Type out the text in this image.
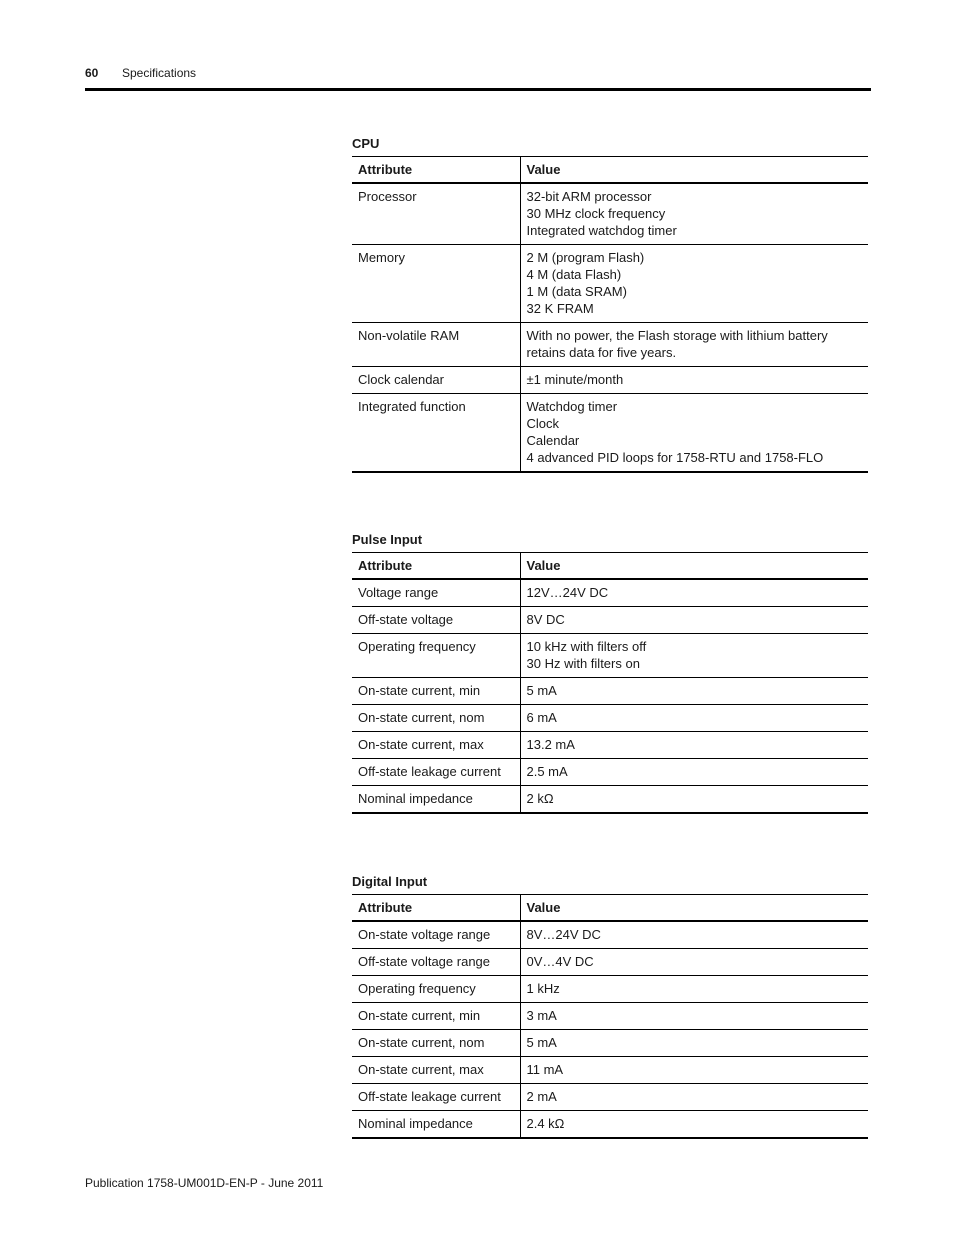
60 Specifications
CPU
Attribute	Value
Processor	32-bit ARM processor
30 MHz clock frequency
Integrated watchdog timer

Memory	2 M (program Flash)
4 M (data Flash)
1 M (data SRAM)
32 K FRAM

Non-volatile RAM	With no power, the Flash storage with lithium battery
retains data for five years.

Clock calendar	±1 minute/month

Integrated function	Watchdog timer
Clock
Calendar
4 advanced PID loops for 1758-RTU and 1758-FLO
Pulse Input
Attribute	Value
Voltage range	12V…24V DC

Off-state voltage	8V DC

Operating frequency	10 kHz with filters off
30 Hz with filters on

On-state current, min	5 mA

On-state current, nom	6 mA

On-state current, max	13.2 mA

Off-state leakage current	2.5 mA

Nominal impedance	2 kΩ
Digital Input
Attribute	Value
On-state voltage range	8V…24V DC

Off-state voltage range	0V…4V DC

Operating frequency	1 kHz

On-state current, min	3 mA

On-state current, nom	5 mA

On-state current, max	11 mA

Off-state leakage current	2 mA

Nominal impedance	2.4 kΩ
Publication 1758-UM001D-EN-P - June 2011
